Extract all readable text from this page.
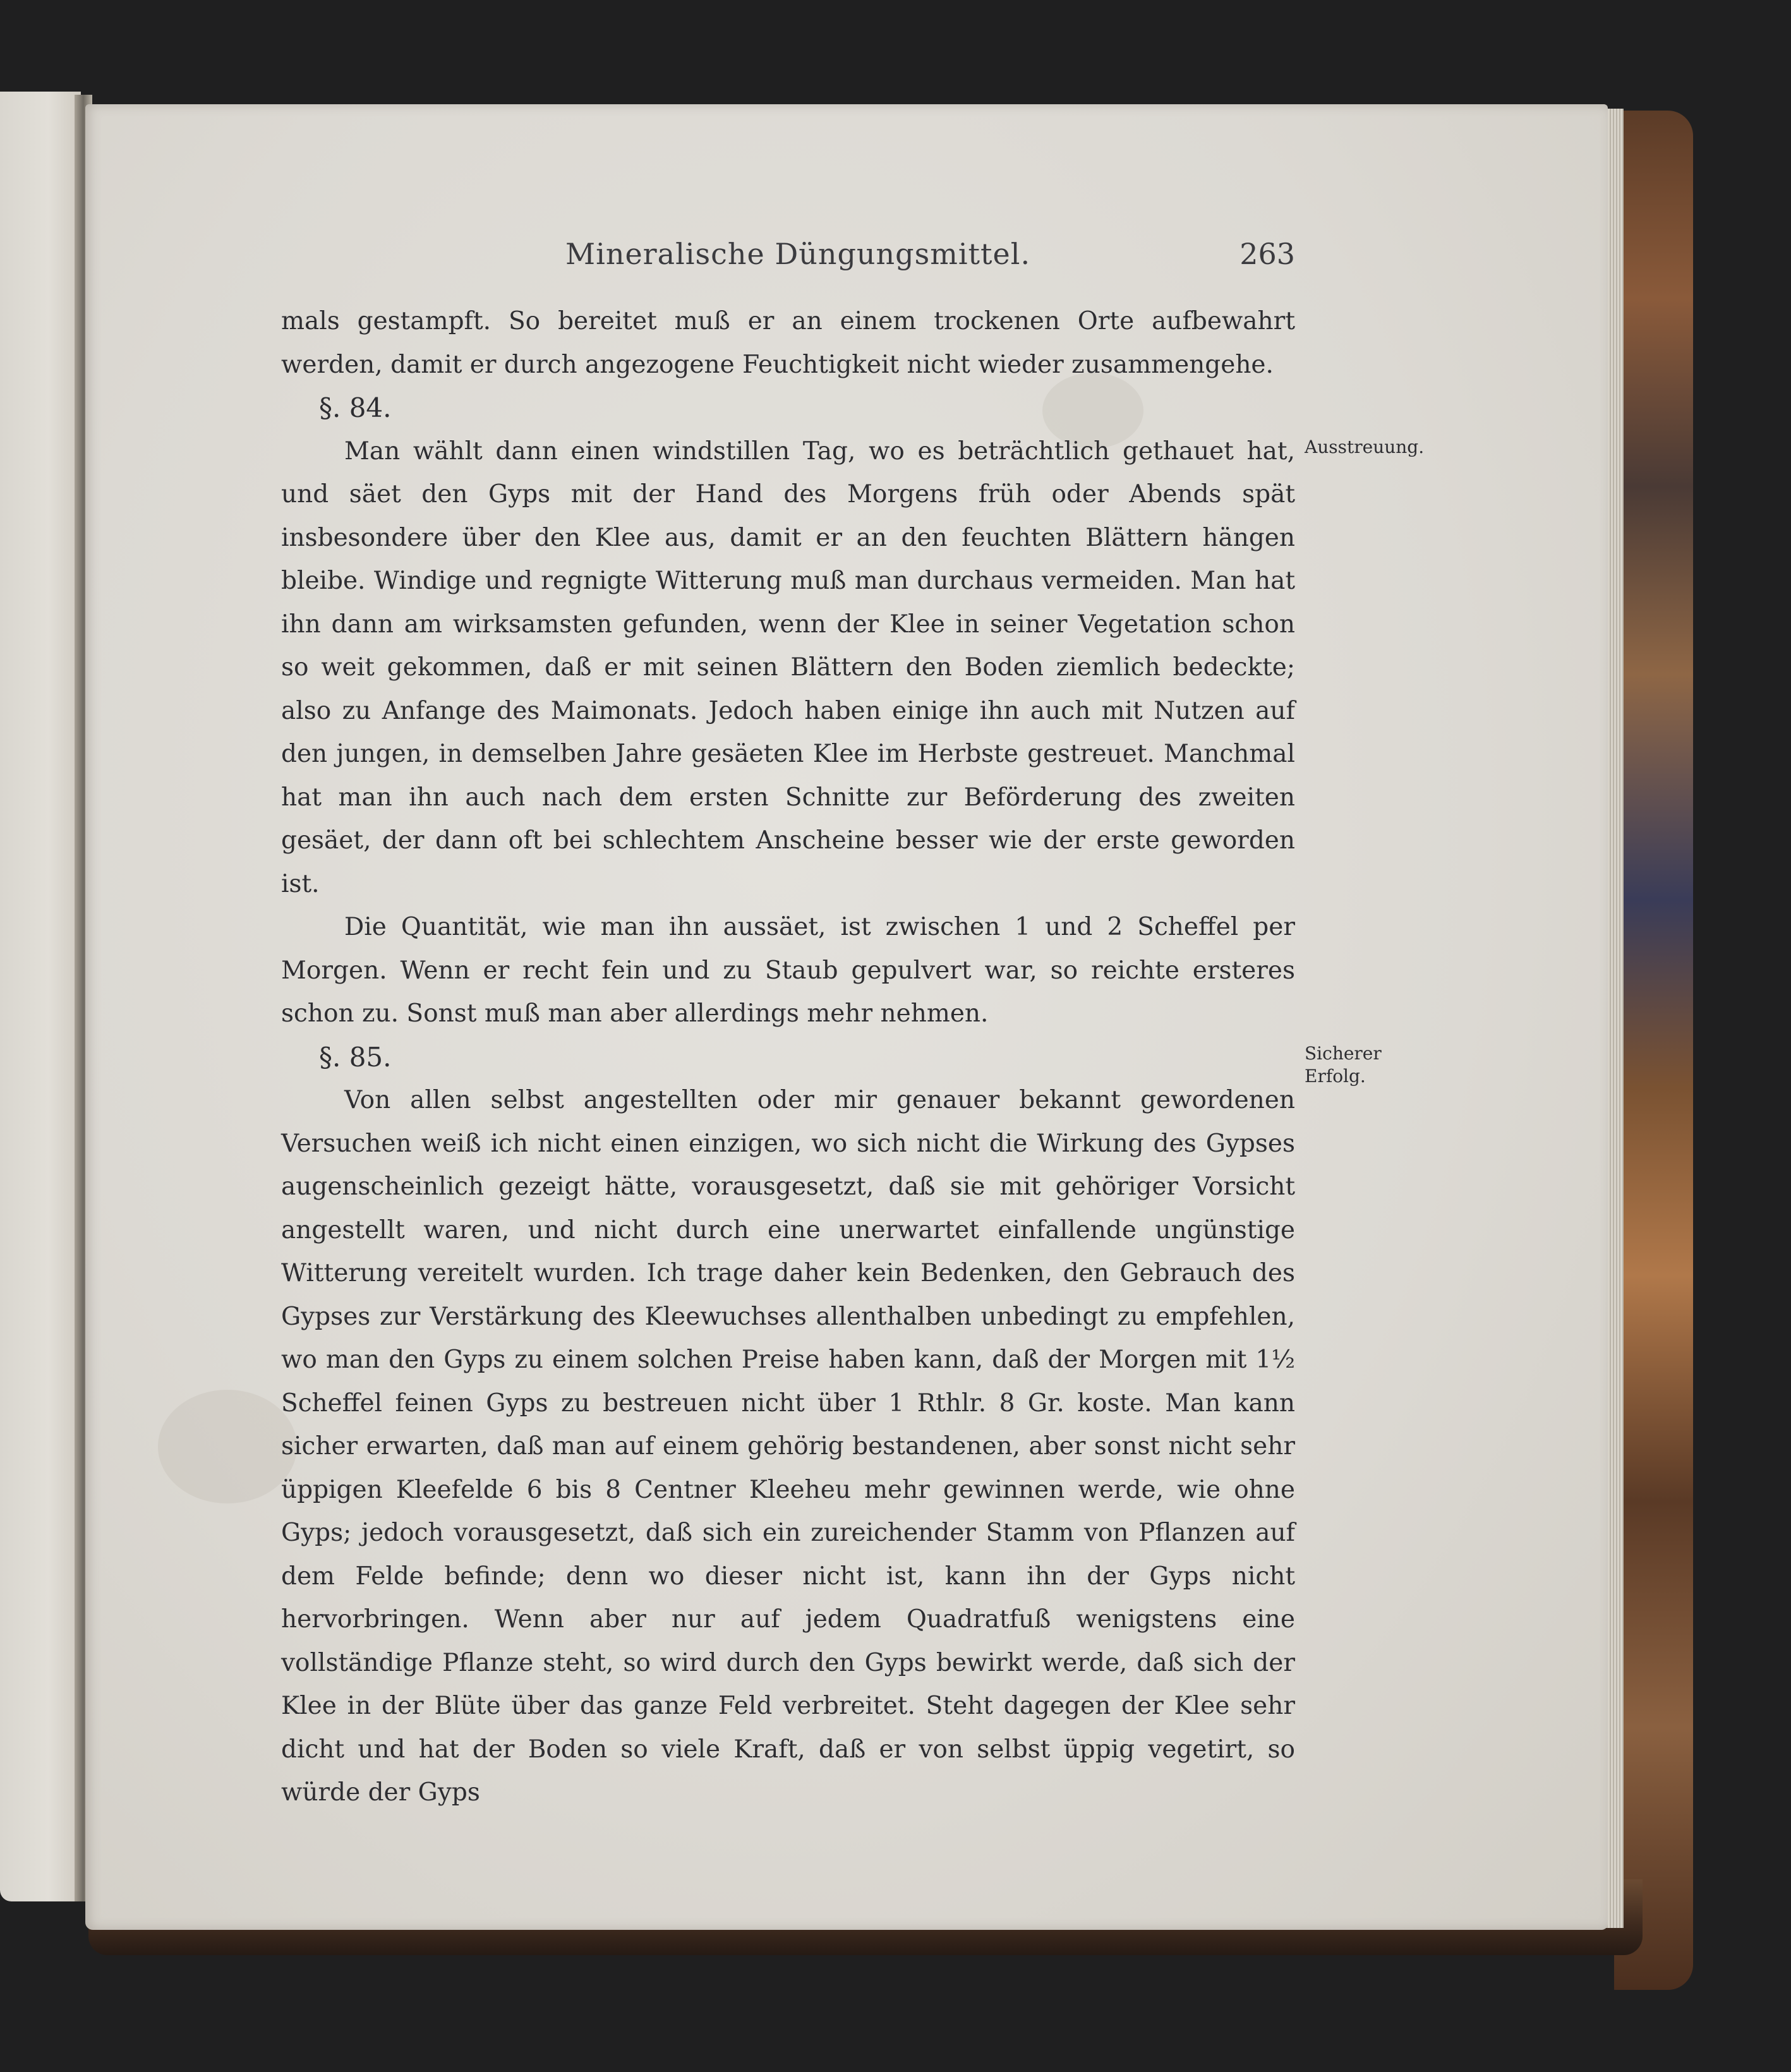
Mineralische Düngungsmittel.	263

mals gestampft. So bereitet muß er an einem trockenen Orte aufbewahrt werden, damit er durch angezogene Feuchtigkeit nicht wieder zusammengehe.

§. 84.

Man wählt dann einen windstillen Tag, wo es beträchtlich gethauet hat, und säet den Gyps mit der Hand des Morgens früh oder Abends spät insbesondere über den Klee aus, damit er an den feuchten Blättern hängen bleibe. Windige und regnigte Witterung muß man durchaus vermeiden. Man hat ihn dann am wirksamsten gefunden, wenn der Klee in seiner Vegetation schon so weit gekommen, daß er mit seinen Blättern den Boden ziemlich bedeckte; also zu Anfange des Maimonats. Jedoch haben einige ihn auch mit Nutzen auf den jungen, in demselben Jahre gesäeten Klee im Herbste gestreuet. Manchmal hat man ihn auch nach dem ersten Schnitte zur Beförderung des zweiten gesäet, der dann oft bei schlechtem Anscheine besser wie der erste geworden ist.

Die Quantität, wie man ihn aussäet, ist zwischen 1 und 2 Scheffel per Morgen. Wenn er recht fein und zu Staub gepulvert war, so reichte ersteres schon zu. Sonst muß man aber allerdings mehr nehmen.

§. 85.

Von allen selbst angestellten oder mir genauer bekannt gewordenen Versuchen weiß ich nicht einen einzigen, wo sich nicht die Wirkung des Gypses augenscheinlich gezeigt hätte, vorausgesetzt, daß sie mit gehöriger Vorsicht angestellt waren, und nicht durch eine unerwartet einfallende ungünstige Witterung vereitelt wurden. Ich trage daher kein Bedenken, den Gebrauch des Gypses zur Verstärkung des Kleewuchses allenthalben unbedingt zu empfehlen, wo man den Gyps zu einem solchen Preise haben kann, daß der Morgen mit 1½ Scheffel feinen Gyps zu bestreuen nicht über 1 Rthlr. 8 Gr. koste. Man kann sicher erwarten, daß man auf einem gehörig bestandenen, aber sonst nicht sehr üppigen Kleefelde 6 bis 8 Centner Kleeheu mehr gewinnen werde, wie ohne Gyps; jedoch vorausgesetzt, daß sich ein zureichender Stamm von Pflanzen auf dem Felde befinde; denn wo dieser nicht ist, kann ihn der Gyps nicht hervorbringen. Wenn aber nur auf jedem Quadratfuß wenigstens eine vollständige Pflanze steht, so wird durch den Gyps bewirkt werde, daß sich der Klee in der Blüte über das ganze Feld verbreitet. Steht dagegen der Klee sehr dicht und hat der Boden so viele Kraft, daß er von selbst üppig vegetirt, so würde der Gyps

Ausstreuung.
Sicherer Erfolg.
